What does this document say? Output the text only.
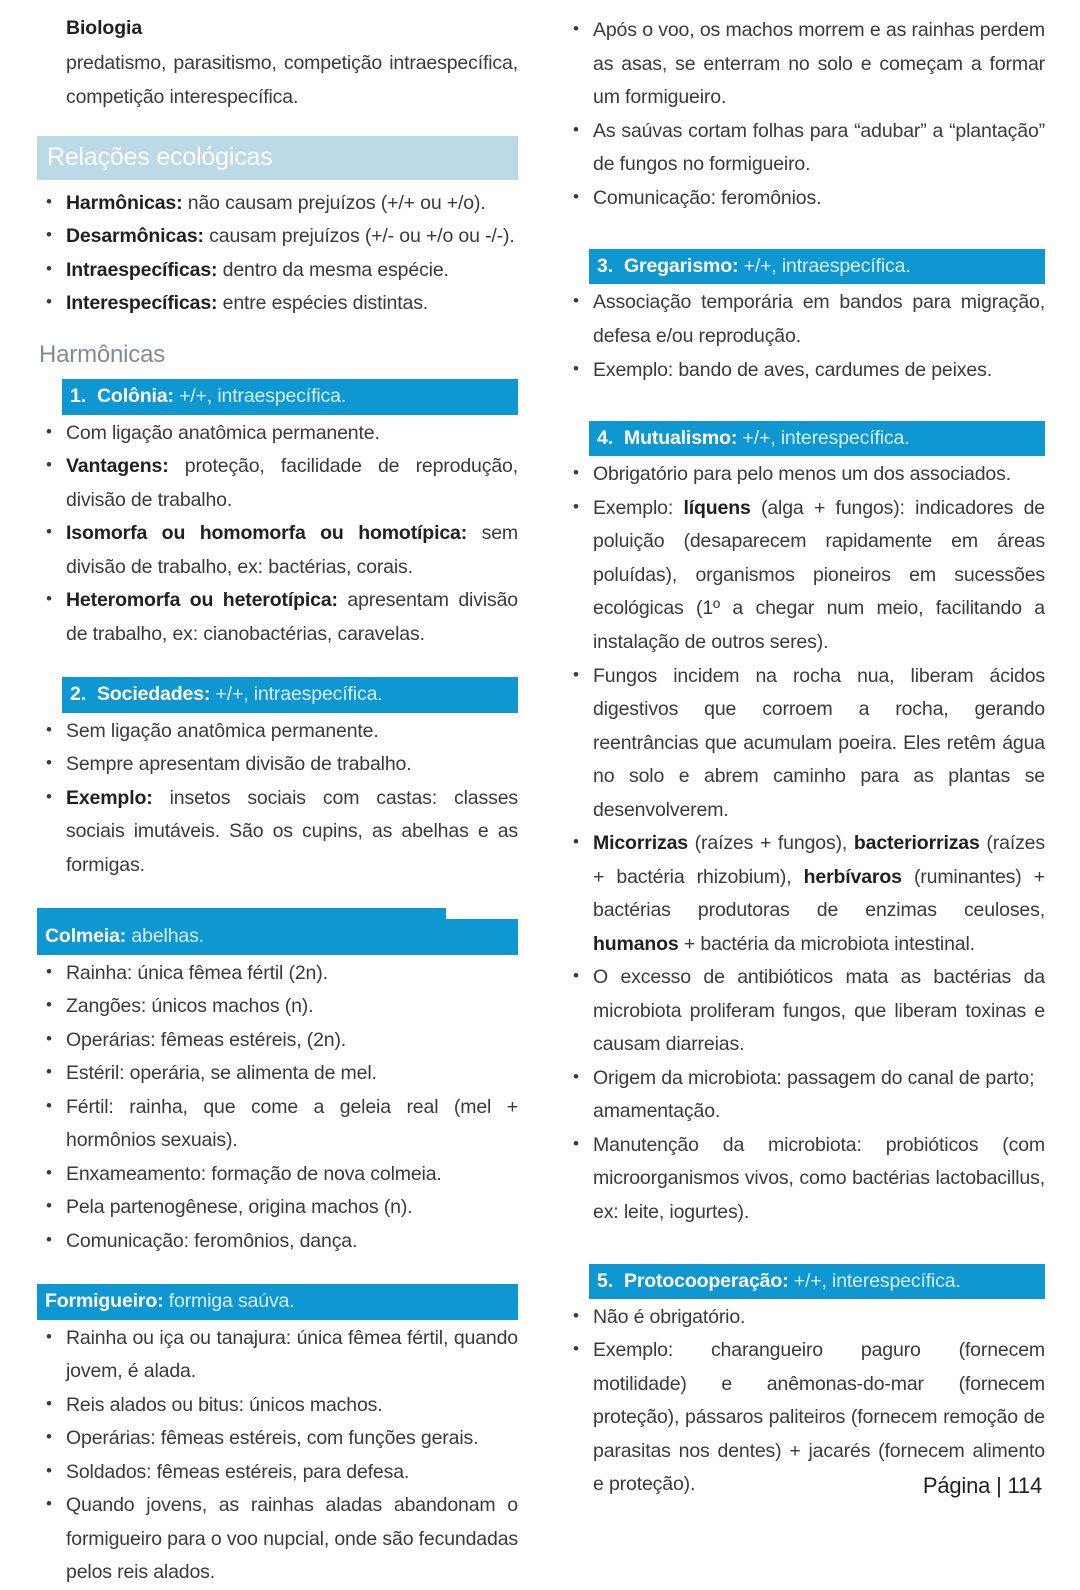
Biologia

predatismo, parasitismo, competição intraespecífica, competição interespecífica.

Relações ecológicas
• Harmônicas: não causam prejuízos (+/+ ou +/o).
• Desarmônicas: causam prejuízos (+/- ou +/o ou -/-).
• Intraespecíficas: dentro da mesma espécie.
• Interespecíficas: entre espécies distintas.
Harmônicas
1. Colônia: +/+, intraespecífica.
• Com ligação anatômica permanente.
• Vantagens: proteção, facilidade de reprodução, divisão de trabalho.
• Isomorfa ou homomorfa ou homotípica: sem divisão de trabalho, ex: bactérias, corais.
• Heteromorfa ou heterotípica: apresentam divisão de trabalho, ex: cianobactérias, caravelas.
2. Sociedades: +/+, intraespecífica.
• Sem ligação anatômica permanente.
• Sempre apresentam divisão de trabalho.
• Exemplo: insetos sociais com castas: classes sociais imutáveis. São os cupins, as abelhas e as formigas.
Colmeia: abelhas.
• Rainha: única fêmea fértil (2n).
• Zangões: únicos machos (n).
• Operárias: fêmeas estéreis, (2n).
• Estéril: operária, se alimenta de mel.
• Fértil: rainha, que come a geleia real (mel + hormônios sexuais).
• Enxameamento: formação de nova colmeia.
• Pela partenogênese, origina machos (n).
• Comunicação: feromônios, dança.
Formigueiro: formiga saúva.
• Rainha ou iça ou tanajura: única fêmea fértil, quando jovem, é alada.
• Reis alados ou bitus: únicos machos.
• Operárias: fêmeas estéreis, com funções gerais.
• Soldados: fêmeas estéreis, para defesa.
• Quando jovens, as rainhas aladas abandonam o formigueiro para o voo nupcial, onde são fecundadas pelos reis alados.
• Após o voo, os machos morrem e as rainhas perdem as asas, se enterram no solo e começam a formar um formigueiro.
• As saúvas cortam folhas para “adubar” a “plantação” de fungos no formigueiro.
• Comunicação: feromônios.
3. Gregarismo: +/+, intraespecífica.
• Associação temporária em bandos para migração, defesa e/ou reprodução.
• Exemplo: bando de aves, cardumes de peixes.
4. Mutualismo: +/+, interespecífica.
• Obrigatório para pelo menos um dos associados.
• Exemplo: líquens (alga + fungos): indicadores de poluição (desaparecem rapidamente em áreas poluídas), organismos pioneiros em sucessões ecológicas (1º a chegar num meio, facilitando a instalação de outros seres).
• Fungos incidem na rocha nua, liberam ácidos digestivos que corroem a rocha, gerando reentrâncias que acumulam poeira. Eles retêm água no solo e abrem caminho para as plantas se desenvolverem.
• Micorrizas (raízes + fungos), bacteriorrizas (raízes + bactéria rhizobium), herbívaros (ruminantes) + bactérias produtoras de enzimas ceuloses, humanos + bactéria da microbiota intestinal.
• O excesso de antibióticos mata as bactérias da microbiota proliferam fungos, que liberam toxinas e causam diarreias.
• Origem da microbiota: passagem do canal de parto; amamentação.
• Manutenção da microbiota: probióticos (com microorganismos vivos, como bactérias lactobacillus, ex: leite, iogurtes).
5. Protocooperação: +/+, interespecífica.
• Não é obrigatório.
• Exemplo: charangueiro paguro (fornecem motilidade) e anêmonas-do-mar (fornecem proteção), pássaros paliteiros (fornecem remoção de parasitas nos dentes) + jacarés (fornecem alimento e proteção).	Página | 114
